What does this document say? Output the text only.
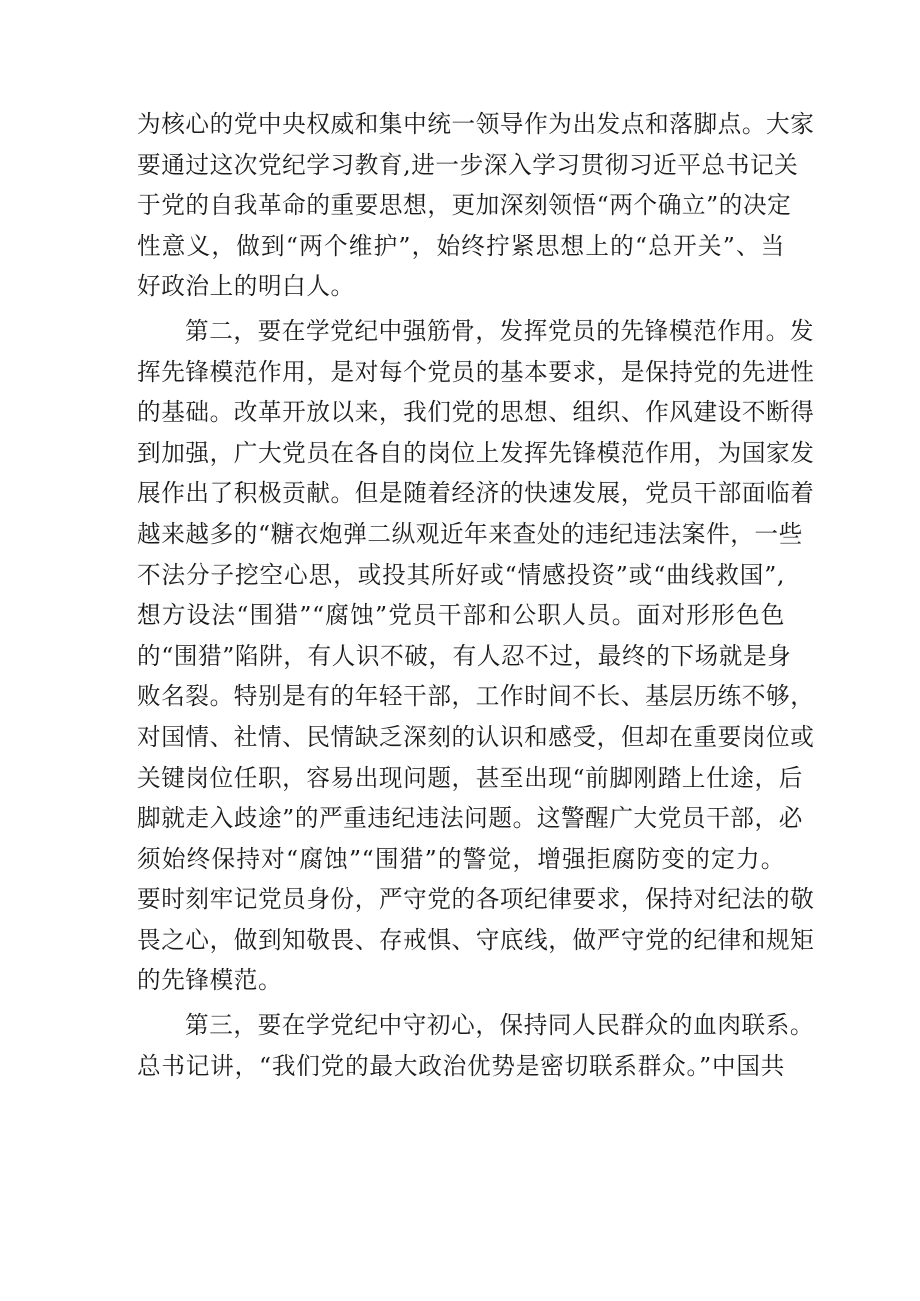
为核心的党中央权威和集中统一领导作为出发点和落脚点。大家
要通过这次党纪学习教育,进一步深入学习贯彻习近平总书记关
于党的自我革命的重要思想，更加深刻领悟“两个确立”的决定
性意义，做到“两个维护”，始终拧紧思想上的“总开关”、当
好政治上的明白人。
第二，要在学党纪中强筋骨，发挥党员的先锋模范作用。发
挥先锋模范作用，是对每个党员的基本要求，是保持党的先进性
的基础。改革开放以来，我们党的思想、组织、作风建设不断得
到加强，广大党员在各自的岗位上发挥先锋模范作用，为国家发
展作出了积极贡献。但是随着经济的快速发展，党员干部面临着
越来越多的“糖衣炮弹二纵观近年来查处的违纪违法案件，一些
不法分子挖空心思，或投其所好或“情感投资”或“曲线救国”,
想方设法“围猎”“腐蚀”党员干部和公职人员。面对形形色色
的“围猎”陷阱，有人识不破，有人忍不过，最终的下场就是身
败名裂。特别是有的年轻干部，工作时间不长、基层历练不够，
对国情、社情、民情缺乏深刻的认识和感受，但却在重要岗位或
关键岗位任职，容易出现问题，甚至出现“前脚刚踏上仕途，后
脚就走入歧途”的严重违纪违法问题。这警醒广大党员干部，必
须始终保持对“腐蚀”“围猎”的警觉，增强拒腐防变的定力。
要时刻牢记党员身份，严守党的各项纪律要求，保持对纪法的敬
畏之心，做到知敬畏、存戒惧、守底线，做严守党的纪律和规矩
的先锋模范。
第三，要在学党纪中守初心，保持同人民群众的血肉联系。
总书记讲，“我们党的最大政治优势是密切联系群众。”中国共
